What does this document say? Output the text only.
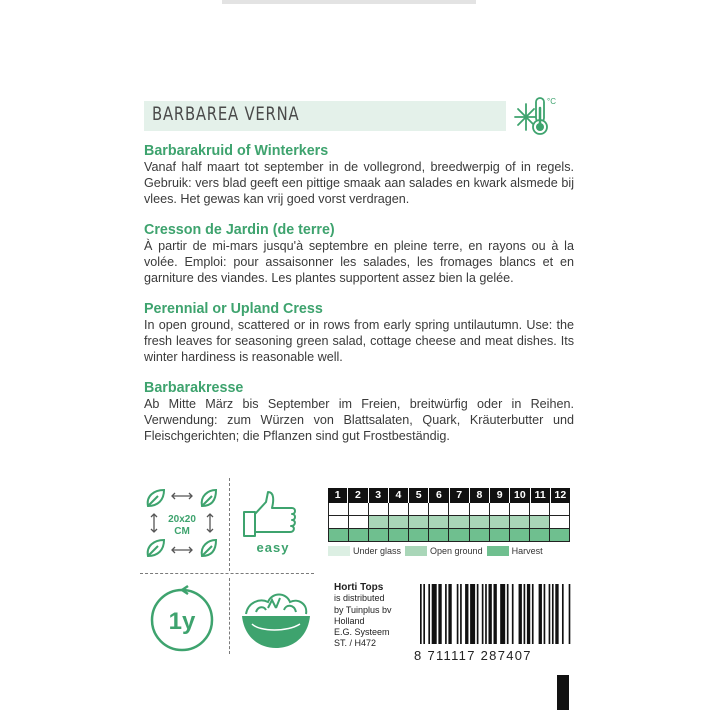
BARBAREA VERNA
°C
Barbarakruid of Winterkers

Vanaf half maart tot september in de vollegrond, breedwerpig of in regels. Gebruik: vers blad geeft een pittige smaak aan salades en kwark alsmede bij vlees. Het gewas kan vrij goed vorst verdragen.

Cresson de Jardin (de terre)

À partir de mi-mars jusqu'à septembre en pleine terre, en rayons ou à la volée. Emploi: pour assaisonner les salades, les fromages blancs et en garniture des viandes. Les plantes supportent assez bien la gelée.

Perennial or Upland Cress

In open ground, scattered or in rows from early spring untilautumn. Use: the fresh leaves for seasoning green salad, cottage cheese and meat dishes. Its winter hardiness is reasonable well.

Barbarakresse

Ab Mitte März bis September im Freien, breitwürfig oder in Reihen. Verwendung: zum Würzen von Blattsalaten, Quark, Kräuterbutter und Fleischgerichten; die Pflanzen sind gut Frostbeständig.

20x20
CM
easy
1y
1	2	3	4	5	6	7	8	9	10 11 12
Under glass	Open ground	Harvest
Horti Tops
is distributed
by Tuinplus bv
Holland
E.G. Systeem
ST. / H472
8 711117 287407
